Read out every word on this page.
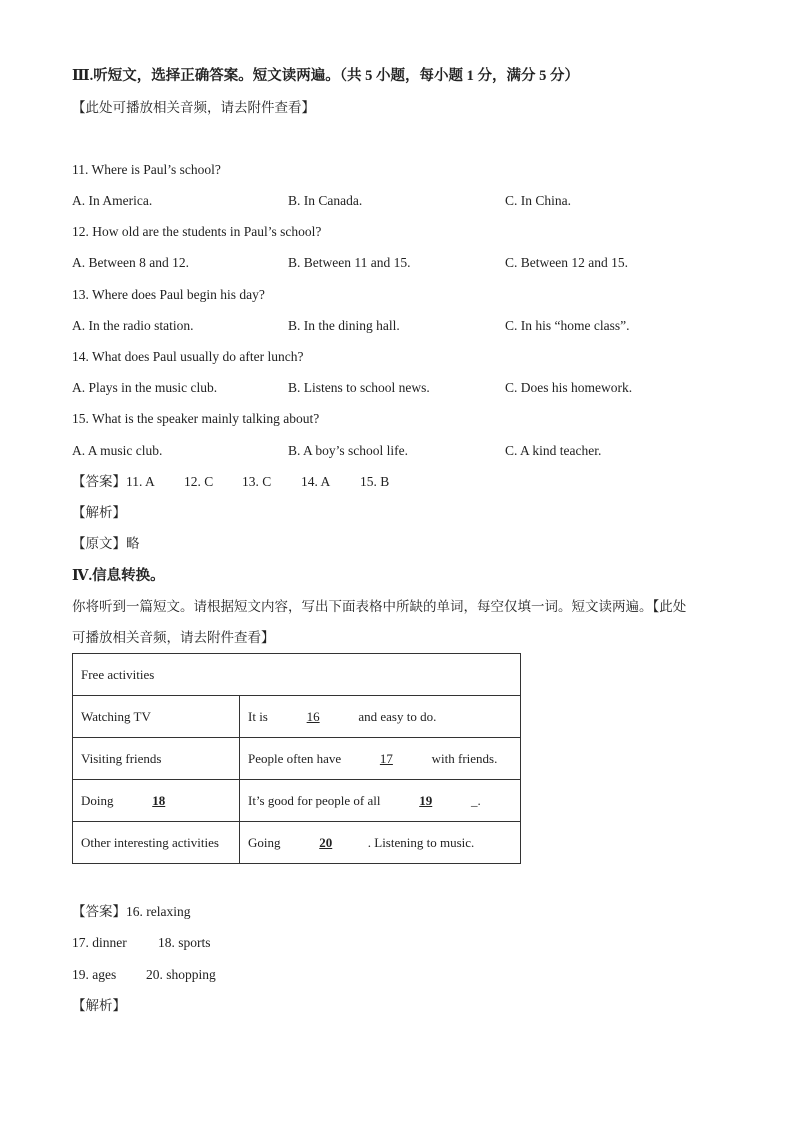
Ⅲ.听短文，选择正确答案。短文读两遍。（共 5 小题，每小题 1 分，满分 5 分）
【此处可播放相关音频，请去附件查看】
11. Where is Paul’s school?
A. In America.	B. In Canada.	C. In China.
12. How old are the students in Paul’s school?
A. Between 8 and 12.	B. Between 11 and 15.	C. Between 12 and 15.
13. Where does Paul begin his day?
A. In the radio station.	B. In the dining hall.	C. In his “home class”.
14. What does Paul usually do after lunch?
A. Plays in the music club.	B. Listens to school news.	C. Does his homework.
15. What is the speaker mainly talking about?
A. A music club.	B. A boy’s school life.	C. A kind teacher.
【答案】11. A 12. C 13. C 14. A 15. B
【解析】
【原文】略
Ⅳ.信息转换。
你将听到一篇短文。请根据短文内容，写出下面表格中所缺的单词，每空仅填一词。短文读两遍。【此处
可播放相关音频，请去附件查看】
Free activities	
Watching TV	It is 16 and easy to do.
Visiting friends	People often have 17 with friends.
Doing 18	It’s good for people of all 19 _.
Other interesting activities	Going 20 . Listening to music.
【答案】16. relaxing
17. dinner 18. sports
19. ages 20. shopping
【解析】
